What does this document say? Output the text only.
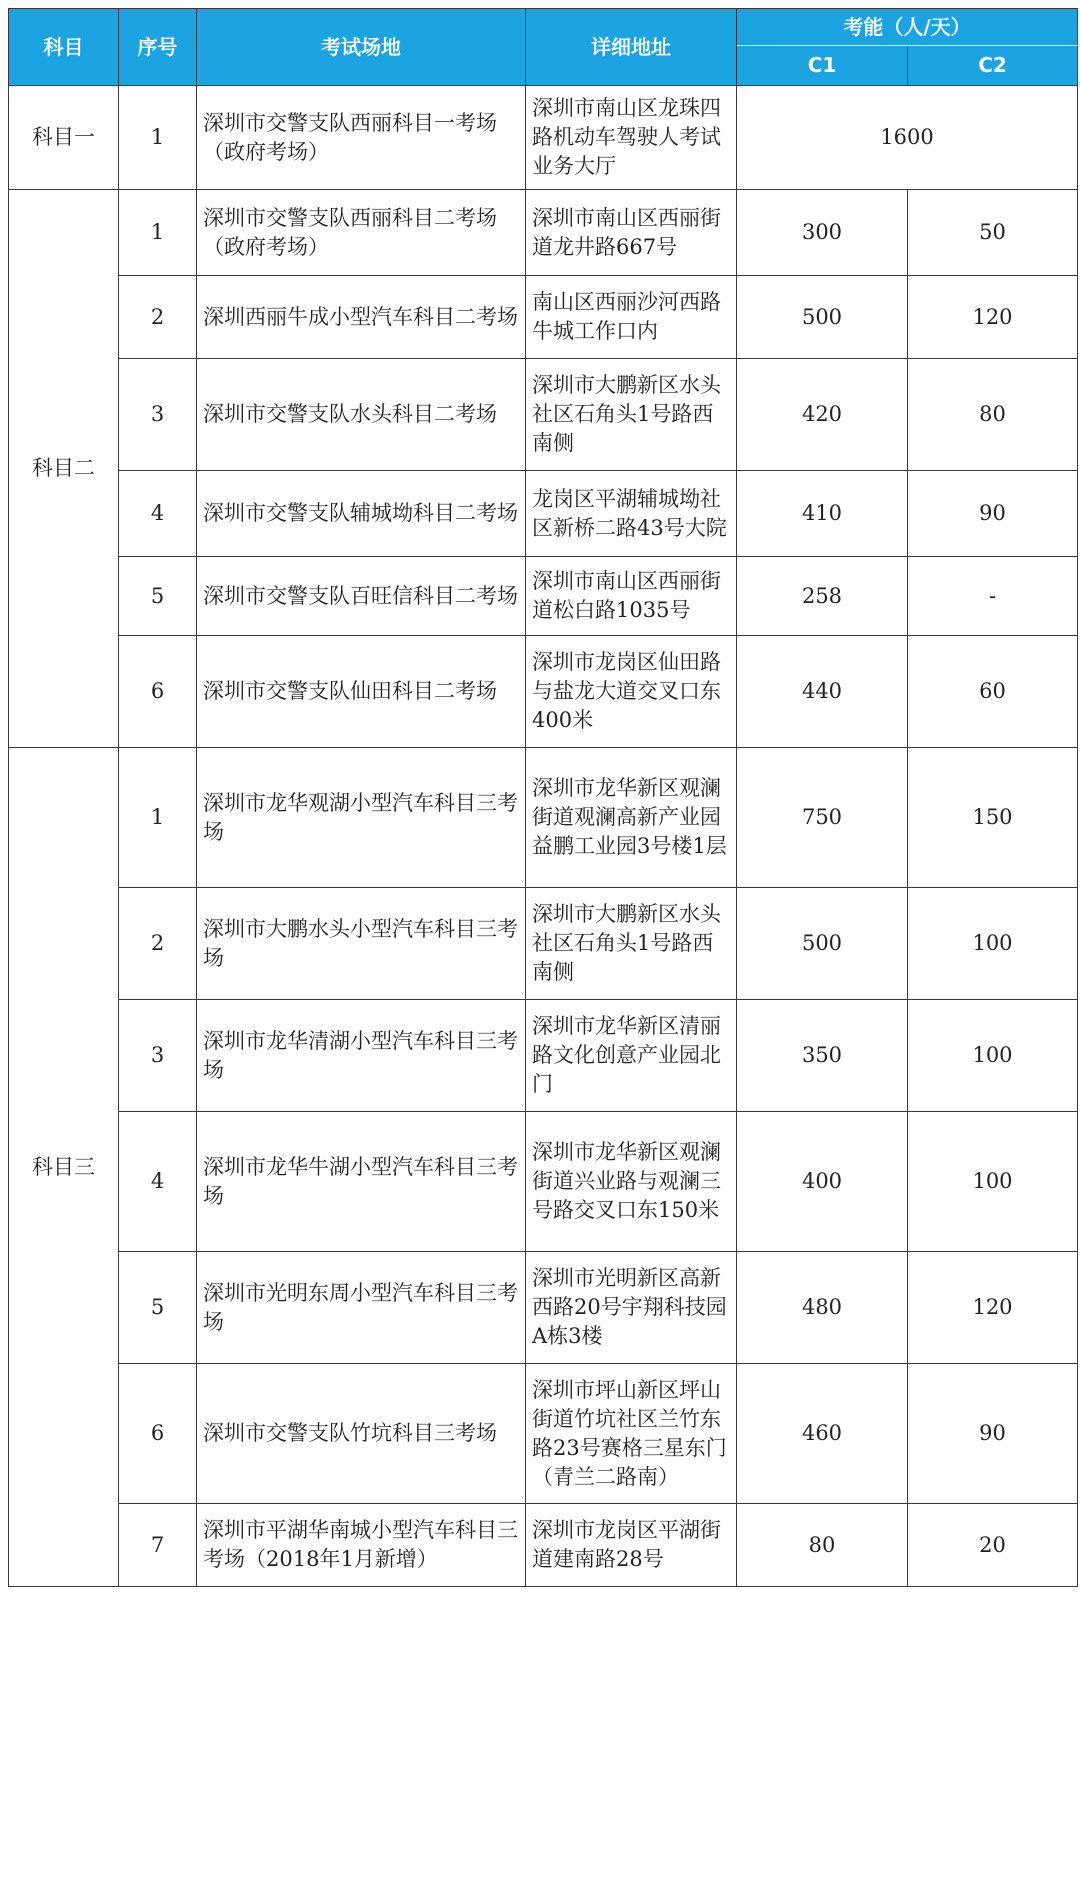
科目	序号	考试场地	详细地址	考能（人/天）	
				C1	C2
科目一	1	深圳市交警支队西丽科目一考场（政府考场）	深圳市南山区龙珠四路机动车驾驶人考试业务大厅	1600	
科目二	1	深圳市交警支队西丽科目二考场（政府考场）	深圳市南山区西丽街道龙井路667号	300	50
	2	深圳西丽牛成小型汽车科目二考场	南山区西丽沙河西路牛城工作口内	500	120
	3	深圳市交警支队水头科目二考场	深圳市大鹏新区水头社区石角头1号路西南侧	420	80
	4	深圳市交警支队辅城坳科目二考场	龙岗区平湖辅城坳社区新桥二路43号大院	410	90
	5	深圳市交警支队百旺信科目二考场	深圳市南山区西丽街道松白路1035号	258	-
	6	深圳市交警支队仙田科目二考场	深圳市龙岗区仙田路与盐龙大道交叉口东400米	440	60
科目三	1	深圳市龙华观湖小型汽车科目三考场	深圳市龙华新区观澜街道观澜高新产业园益鹏工业园3号楼1层	750	150
	2	深圳市大鹏水头小型汽车科目三考场	深圳市大鹏新区水头社区石角头1号路西南侧	500	100
	3	深圳市龙华清湖小型汽车科目三考场	深圳市龙华新区清丽路文化创意产业园北门	350	100
	4	深圳市龙华牛湖小型汽车科目三考场	深圳市龙华新区观澜街道兴业路与观澜三号路交叉口东150米	400	100
	5	深圳市光明东周小型汽车科目三考场	深圳市光明新区高新西路20号宇翔科技园A栋3楼	480	120
	6	深圳市交警支队竹坑科目三考场	深圳市坪山新区坪山街道竹坑社区兰竹东路23号赛格三星东门（青兰二路南）	460	90
	7	深圳市平湖华南城小型汽车科目三考场（2018年1月新增）	深圳市龙岗区平湖街道建南路28号	80	20
